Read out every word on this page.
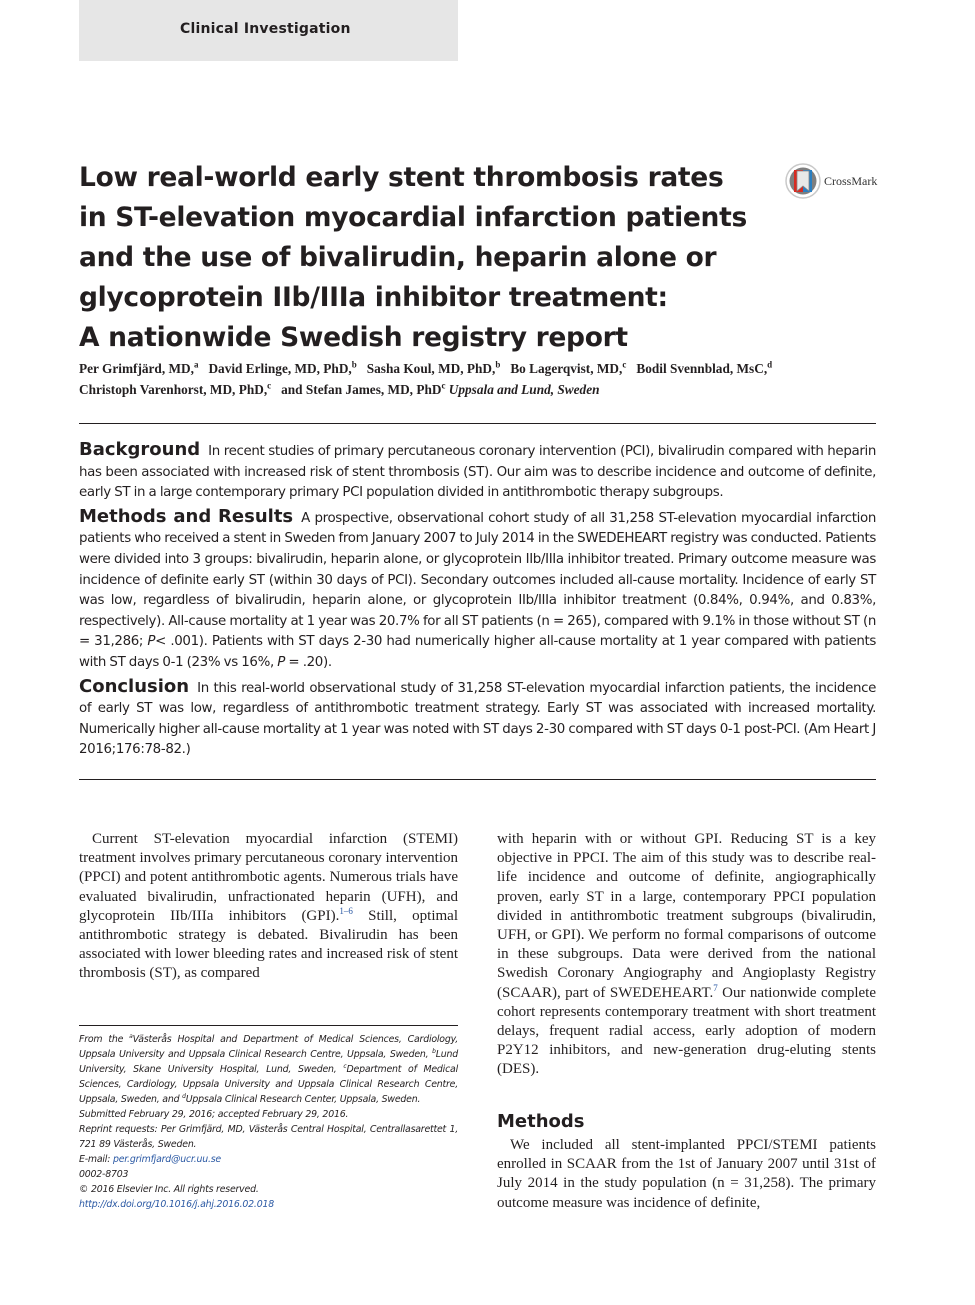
Clinical Investigation
Low real-world early stent thrombosis rates
in ST-elevation myocardial infarction patients
and the use of bivalirudin, heparin alone or
glycoprotein IIb/IIIa inhibitor treatment:
A nationwide Swedish registry report
CrossMark
Per Grimfjärd, MD,$^a$ David Erlinge, MD, PhD,$^b$ Sasha Koul, MD, PhD,$^b$ Bo Lagerqvist, MD,$^c$ Bodil Svennblad, MsC,$^d$
Christoph Varenhorst, MD, PhD,$^c$ and Stefan James, MD, PhD$^c$ Uppsala and Lund, Sweden

Background In recent studies of primary percutaneous coronary intervention (PCI), bivalirudin compared with heparin has been associated with increased risk of stent thrombosis (ST). Our aim was to describe incidence and outcome of definite, early ST in a large contemporary primary PCI population divided in antithrombotic therapy subgroups.

Methods and Results A prospective, observational cohort study of all 31,258 ST-elevation myocardial infarction patients who received a stent in Sweden from January 2007 to July 2014 in the SWEDEHEART registry was conducted. Patients were divided into 3 groups: bivalirudin, heparin alone, or glycoprotein IIb/IIIa inhibitor treated. Primary outcome measure was incidence of definite early ST (within 30 days of PCI). Secondary outcomes included all-cause mortality. Incidence of early ST was low, regardless of bivalirudin, heparin alone, or glycoprotein IIb/IIIa inhibitor treatment (0.84%, 0.94%, and 0.83%, respectively). All-cause mortality at 1 year was 20.7% for all ST patients (n = 265), compared with 9.1% in those without ST (n = 31,286; P< .001). Patients with ST days 2-30 had numerically higher all-cause mortality at 1 year compared with patients with ST days 0-1 (23% vs 16%, P = .20).

Conclusion In this real-world observational study of 31,258 ST-elevation myocardial infarction patients, the incidence of early ST was low, regardless of antithrombotic treatment strategy. Early ST was associated with increased mortality. Numerically higher all-cause mortality at 1 year was noted with ST days 2-30 compared with ST days 0-1 post-PCI. (Am Heart J 2016;176:78-82.)

Current ST-elevation myocardial infarction (STEMI) treatment involves primary percutaneous coronary intervention (PPCI) and potent antithrombotic agents. Numerous trials have evaluated bivalirudin, unfractionated heparin (UFH), and glycoprotein IIb/IIIa inhibitors (GPI).$^{1-6}$ Still, optimal antithrombotic strategy is debated. Bivalirudin has been associated with lower bleeding rates and increased risk of stent thrombosis (ST), as compared

with heparin with or without GPI. Reducing ST is a key objective in PPCI. The aim of this study was to describe real-life incidence and outcome of definite, angiographically proven, early ST in a large, contemporary PPCI population divided in antithrombotic treatment subgroups (bivalirudin, UFH, or GPI). We perform no formal comparisons of outcome in these subgroups. Data were derived from the national Swedish Coronary Angiography and Angioplasty Registry (SCAAR), part of SWEDEHEART.$^7$ Our nationwide complete cohort represents contemporary treatment with short treatment delays, frequent radial access, early adoption of modern P2Y12 inhibitors, and new-generation drug-eluting stents (DES).

Methods

We included all stent-implanted PPCI/STEMI patients enrolled in SCAAR from the 1st of January 2007 until 31st of July 2014 in the study population (n = 31,258). The primary outcome measure was incidence of definite,

From the $^a$Västerås Hospital and Department of Medical Sciences, Cardiology, Uppsala University and Uppsala Clinical Research Centre, Uppsala, Sweden, $^b$Lund University, Skane University Hospital, Lund, Sweden, $^c$Department of Medical Sciences, Cardiology, Uppsala University and Uppsala Clinical Research Centre, Uppsala, Sweden, and $^d$Uppsala Clinical Research Center, Uppsala, Sweden.

Submitted February 29, 2016; accepted February 29, 2016.

Reprint requests: Per Grimfjärd, MD, Västerås Central Hospital, Centrallasarettet 1, 721 89 Västerås, Sweden.

E-mail: per.grimfjard@ucr.uu.se

0002-8703

© 2016 Elsevier Inc. All rights reserved.

http://dx.doi.org/10.1016/j.ahj.2016.02.018
